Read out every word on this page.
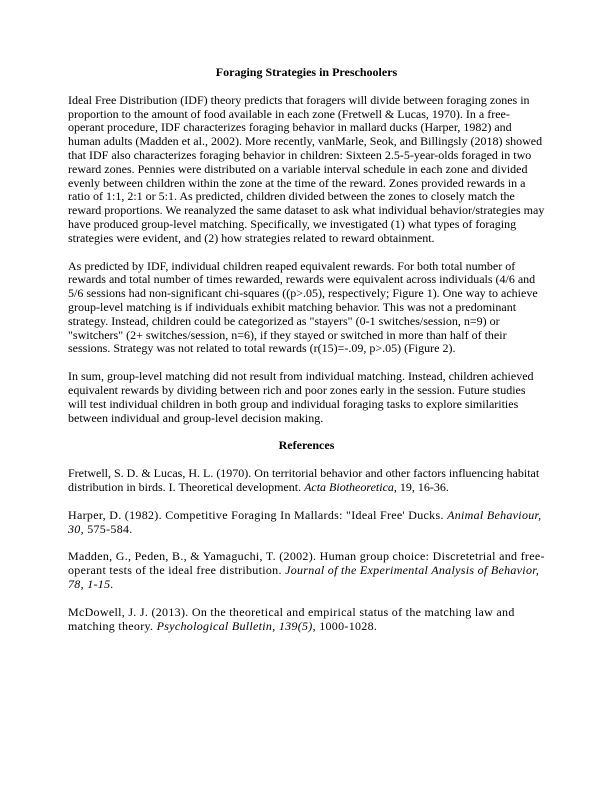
Foraging Strategies in Preschoolers

Ideal Free Distribution (IDF) theory predicts that foragers will divide between foraging zones in proportion to the amount of food available in each zone (Fretwell & Lucas, 1970). In a free-operant procedure, IDF characterizes foraging behavior in mallard ducks (Harper, 1982) and human adults (Madden et al., 2002). More recently, vanMarle, Seok, and Billingsly (2018) showed that IDF also characterizes foraging behavior in children: Sixteen 2.5-5-year-olds foraged in two reward zones. Pennies were distributed on a variable interval schedule in each zone and divided evenly between children within the zone at the time of the reward. Zones provided rewards in a ratio of 1:1, 2:1 or 5:1. As predicted, children divided between the zones to closely match the reward proportions. We reanalyzed the same dataset to ask what individual behavior/strategies may have produced group-level matching. Specifically, we investigated (1) what types of foraging strategies were evident, and (2) how strategies related to reward obtainment.

As predicted by IDF, individual children reaped equivalent rewards. For both total number of rewards and total number of times rewarded, rewards were equivalent across individuals (4/6 and 5/6 sessions had non-significant chi-squares ((p>.05), respectively; Figure 1). One way to achieve group-level matching is if individuals exhibit matching behavior. This was not a predominant strategy. Instead, children could be categorized as "stayers" (0-1 switches/session, n=9) or "switchers" (2+ switches/session, n=6), if they stayed or switched in more than half of their sessions. Strategy was not related to total rewards (r(15)=-.09, p>.05) (Figure 2).

In sum, group-level matching did not result from individual matching. Instead, children achieved equivalent rewards by dividing between rich and poor zones early in the session. Future studies will test individual children in both group and individual foraging tasks to explore similarities between individual and group-level decision making.

References

Fretwell, S. D. & Lucas, H. L. (1970). On territorial behavior and other factors influencing habitat distribution in birds. I. Theoretical development. Acta Biotheoretica, 19, 16-36.

Harper, D. (1982). Competitive Foraging In Mallards: "Ideal Free' Ducks. Animal Behaviour, 30, 575-584.

Madden, G., Peden, B., & Yamaguchi, T. (2002). Human group choice: Discretetrial and free-operant tests of the ideal free distribution. Journal of the Experimental Analysis of Behavior, 78, 1-15.

McDowell, J. J. (2013). On the theoretical and empirical status of the matching law and matching theory. Psychological Bulletin, 139(5), 1000-1028.
